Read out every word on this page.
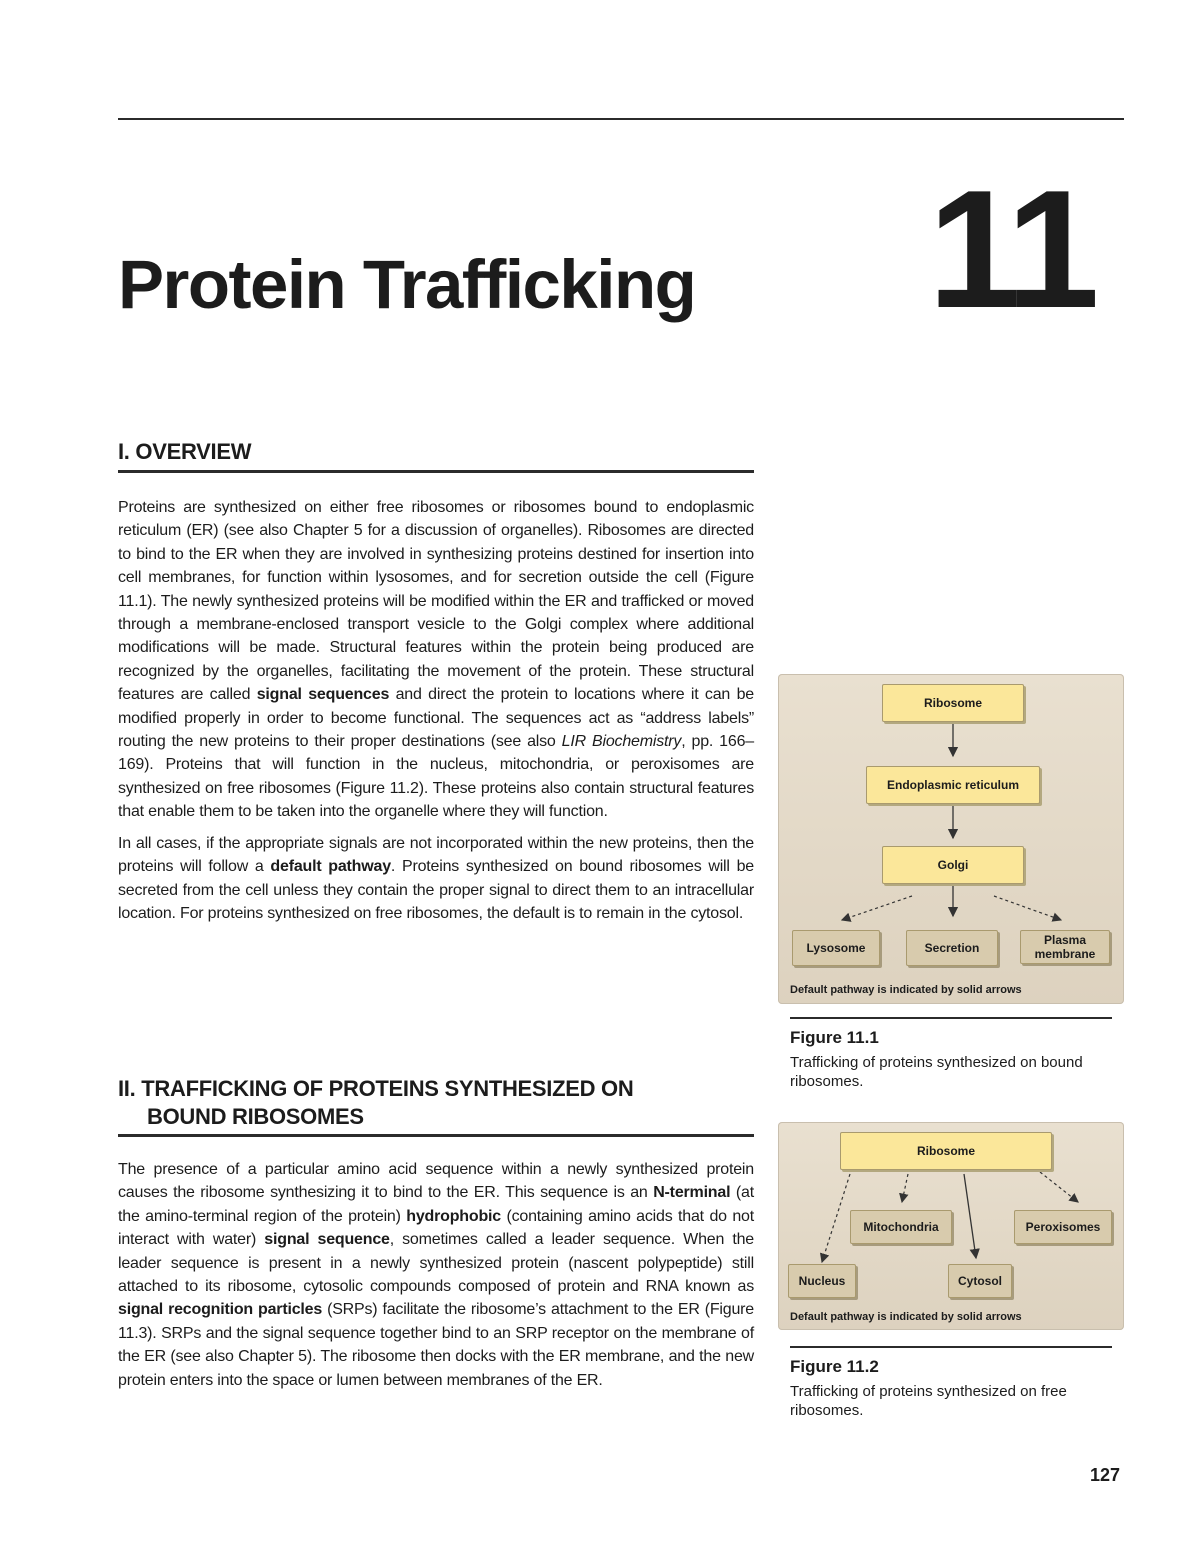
Protein Trafficking 11
I. OVERVIEW

Proteins are synthesized on either free ribosomes or ribosomes bound to endoplasmic reticulum (ER) (see also Chapter 5 for a discussion of organelles). Ribosomes are directed to bind to the ER when they are involved in synthesizing proteins destined for insertion into cell membranes, for function within lysosomes, and for secretion outside the cell (Figure 11.1). The newly synthesized proteins will be modified within the ER and trafficked or moved through a membrane-enclosed transport vesicle to the Golgi complex where additional modifications will be made. Structural features within the protein being produced are recognized by the organelles, facilitating the movement of the protein. These structural features are called signal sequences and direct the protein to locations where it can be modified properly in order to become functional. The sequences act as “address labels” routing the new proteins to their proper destinations (see also LIR Biochemistry, pp. 166–169). Proteins that will function in the nucleus, mitochondria, or peroxisomes are synthesized on free ribosomes (Figure 11.2). These proteins also contain structural features that enable them to be taken into the organelle where they will function.

In all cases, if the appropriate signals are not incorporated within the new proteins, then the proteins will follow a default pathway. Proteins synthesized on bound ribosomes will be secreted from the cell unless they contain the proper signal to direct them to an intracellular location. For proteins synthesized on free ribosomes, the default is to remain in the cytosol.

II. TRAFFICKING OF PROTEINS SYNTHESIZED ON
BOUND RIBOSOMES

The presence of a particular amino acid sequence within a newly synthesized protein causes the ribosome synthesizing it to bind to the ER. This sequence is an N-terminal (at the amino-terminal region of the protein) hydrophobic (containing amino acids that do not interact with water) signal sequence, sometimes called a leader sequence. When the leader sequence is present in a newly synthesized protein (nascent polypeptide) still attached to its ribosome, cytosolic compounds composed of protein and RNA known as signal recognition particles (SRPs) facilitate the ribosome’s attachment to the ER (Figure 11.3). SRPs and the signal sequence together bind to an SRP receptor on the membrane of the ER (see also Chapter 5). The ribosome then docks with the ER membrane, and the new protein enters into the space or lumen between membranes of the ER.

Ribosome
Endoplasmic reticulum
Golgi
Lysosome	Secretion
Plasma membrane
Default pathway is indicated by solid arrows
Figure 11.1
Trafficking of proteins synthesized on bound ribosomes.
Ribosome
Mitochondria	Peroxisomes
Nucleus	Cytosol
Default pathway is indicated by solid arrows
Figure 11.2
Trafficking of proteins synthesized on free ribosomes.
127
